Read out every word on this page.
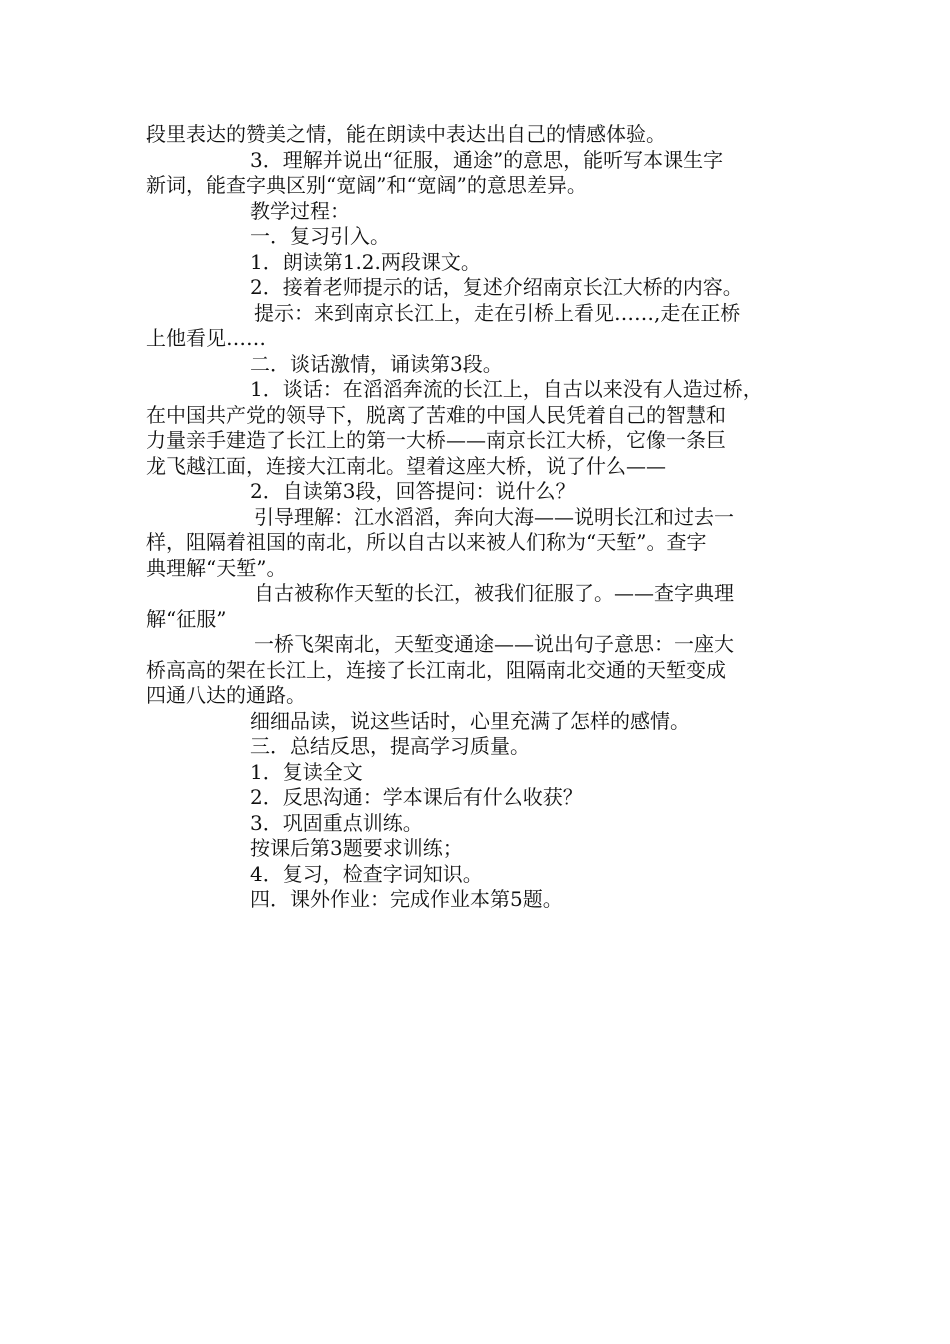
段里表达的赞美之情，能在朗读中表达出自己的情感体验。

3．理解并说出“征服，通途”的意思，能听写本课生字

新词，能查字典区别“宽阔”和“宽阔”的意思差异。

教学过程：

一．复习引入。

1．朗读第1.2.两段课文。

2．接着老师提示的话，复述介绍南京长江大桥的内容。

提示：来到南京长江上，走在引桥上看见……,走在正桥

上他看见……

二．谈话激情，诵读第3段。

1．谈话：在滔滔奔流的长江上，自古以来没有人造过桥，

在中国共产党的领导下，脱离了苦难的中国人民凭着自己的智慧和

力量亲手建造了长江上的第一大桥——南京长江大桥，它像一条巨

龙飞越江面，连接大江南北。望着这座大桥，说了什么——

2．自读第3段，回答提问：说什么？

引导理解：江水滔滔，奔向大海——说明长江和过去一

样，阻隔着祖国的南北，所以自古以来被人们称为“天堑”。查字

典理解“天堑”。

自古被称作天堑的长江，被我们征服了。——查字典理

解“征服”

一桥飞架南北，天堑变通途——说出句子意思：一座大

桥高高的架在长江上，连接了长江南北，阻隔南北交通的天堑变成

四通八达的通路。

细细品读，说这些话时，心里充满了怎样的感情。

三．总结反思，提高学习质量。

1．复读全文

2．反思沟通：学本课后有什么收获？

3．巩固重点训练。

按课后第3题要求训练；

4．复习，检查字词知识。

四．课外作业：完成作业本第5题。
